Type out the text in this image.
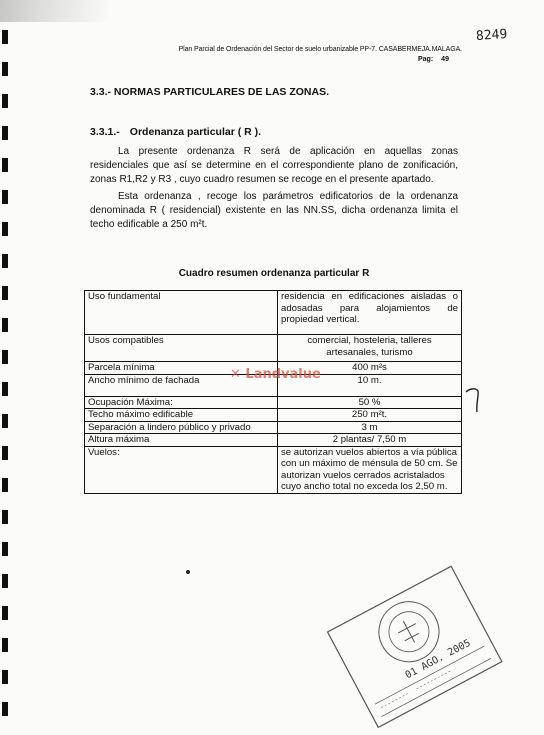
8249
Plan Parcial de Ordenación del Sector de suelo urbanizable PP-7. CASABERMEJA.MALAGA.
Pag: 49
3.3.- NORMAS PARTICULARES DE LAS ZONAS.
3.3.1.- Ordenanza particular ( R ).
La presente ordenanza R será de aplicación en aquellas zonas residenciales que así se determine en el correspondiente plano de zonificación, zonas R1,R2 y R3 , cuyo cuadro resumen se recoge en el presente apartado.
Esta ordenanza , recoge los parámetros edificatorios de la ordenanza denominada R ( residencial) existente en las NN.SS, dicha ordenanza limita el techo edificable a 250 m²t.
Cuadro resumen ordenanza particular R
Uso fundamental	residencia en edificaciones aisladas o adosadas para alojamientos de propiedad vertical.
Usos compatibles	comercial, hosteleria, talleres artesanales, turismo
Parcela mínima	400 m²s
Ancho mínimo de fachada	10 m.
Ocupación Máxima:	50 %
Techo máximo edificable	250 m²t.
Separación a lindero público y privado	3 m
Altura máxima	2 plantas/ 7,50 m
Vuelos:	se autorizan vuelos abiertos a vía pública con un máximo de ménsula de 50 cm. Se autorizan vuelos cerrados acristalados cuyo ancho total no exceda los 2,50 m.
✕ Landvalue
01 AGO. 2005
